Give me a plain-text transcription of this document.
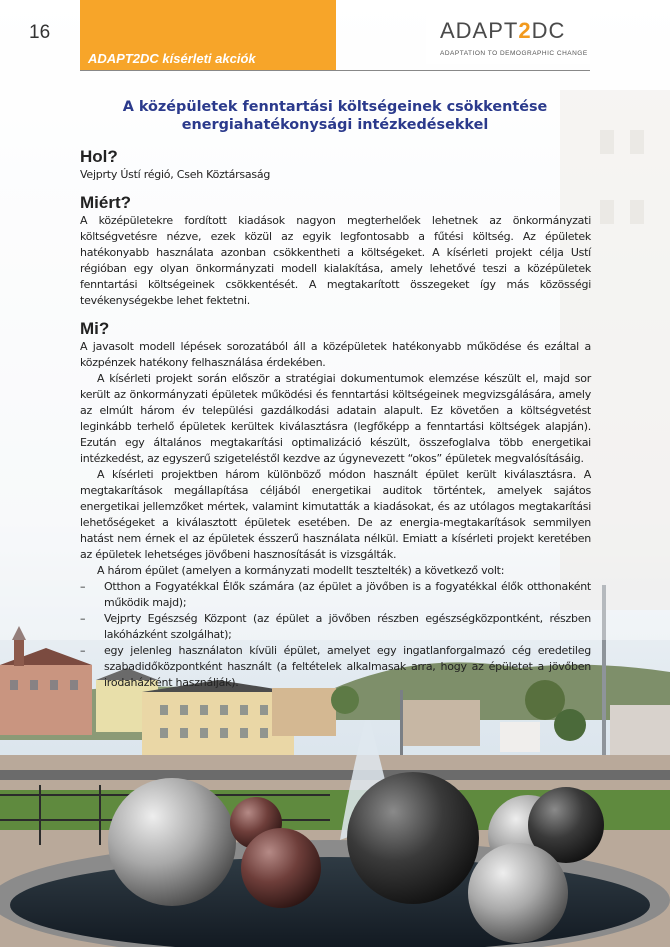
16
ADAPT2DC kísérleti akciók
ADAPT2DC
ADAPTATION TO DEMOGRAPHIC CHANGE
A középületek fenntartási költségeinek csökkentése energiahatékonysági intézkedésekkel
Hol?

Vejprty Ústí régió, Cseh Köztársaság

Miért?

A középületekre fordított kiadások nagyon megterhelőek lehetnek az önkormányzati költségvetésre nézve, ezek közül az egyik legfontosabb a fűtési költség. Az épületek hatékonyabb használata azonban csökkentheti a költségeket. A kísérleti projekt célja Ustí régióban egy olyan önkormányzati modell kialakítása, amely lehetővé teszi a középületek fenntartási költségeinek csökkentését. A megtakarított összegeket így más közösségi tevékenységekbe lehet fektetni.

Mi?

A javasolt modell lépések sorozatából áll a középületek hatékonyabb működése és ezáltal a közpénzek hatékony felhasználása érdekében.

A kísérleti projekt során először a stratégiai dokumentumok elemzése készült el, majd sor került az önkormányzati épületek működési és fenntartási költségeinek megvizsgálására, amely az elmúlt három év települési gazdálkodási adatain alapult. Ez követően a költségvetést leginkább terhelő épületek kerültek kiválasztásra (legfőképp a fenntartási költségek alapján). Ezután egy általános megtakarítási optimalizáció készült, összefoglalva több energetikai intézkedést, az egyszerű szigeteléstől kezdve az úgynevezett “okos” épületek megvalósításáig.

A kísérleti projektben három különböző módon használt épület került kiválasztásra. A megtakarítások megállapítása céljából energetikai auditok történtek, amelyek sajátos energetikai jellemzőket mértek, valamint kimutatták a kiadásokat, és az utólagos megtakarítási lehetőségeket a kiválasztott épületek esetében. De az energia-megtakarítások semmilyen hatást nem érnek el az épületek ésszerű használata nélkül. Emiatt a kísérleti projekt keretében az épületek lehetséges jövőbeni hasznosítását is vizsgálták.

A három épület (amelyen a kormányzati modellt tesztelték) a következő volt:

– Otthon a Fogyatékkal Élők számára (az épület a jövőben is a fogyatékkal élők otthonaként működik majd);
– Vejprty Egészség Központ (az épület a jövőben részben egészségközpontként, részben lakóházként szolgálhat);
– egy jelenleg használaton kívüli épület, amelyet egy ingatlanforgalmazó cég eredetileg szabadidőközpontként használt (a feltételek alkalmasak arra, hogy az épületet a jövőben irodaházként használják).
